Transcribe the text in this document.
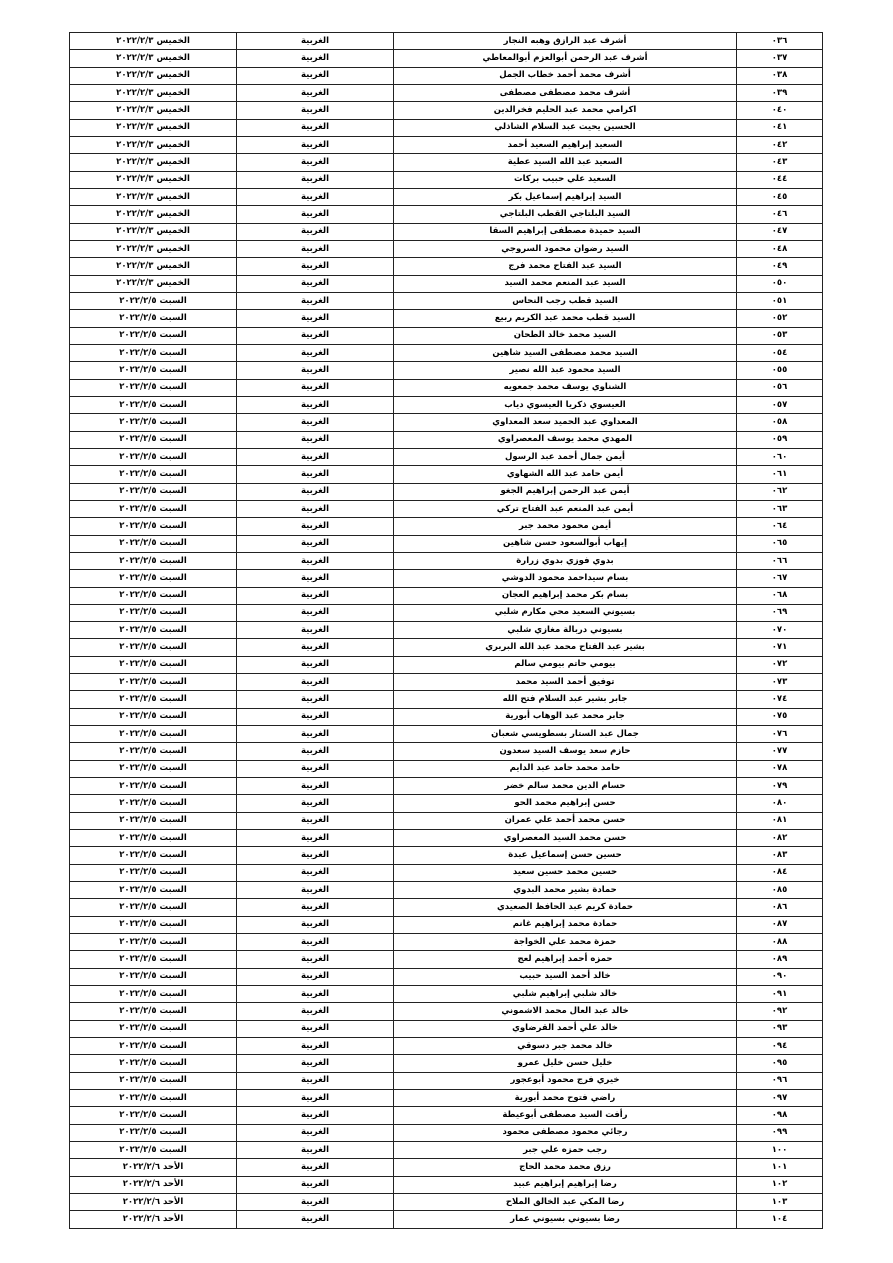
٠٣٦	أشرف عبد الرازق وهبه النجار	الغربية	الخميس ٢٠٢٢/٢/٣
٠٣٧	أشرف عبد الرحمن أبوالعزم أبوالمعاطي	الغربية	الخميس ٢٠٢٢/٢/٣
٠٣٨	أشرف محمد أحمد خطاب الجمل	الغربية	الخميس ٢٠٢٢/٢/٣
٠٣٩	أشرف محمد مصطفى مصطفى	الغربية	الخميس ٢٠٢٢/٢/٣
٠٤٠	اكرامي محمد عبد الحليم فخرالدين	الغربية	الخميس ٢٠٢٢/٢/٣
٠٤١	الحسين يحيت عبد السلام الشاذلي	الغربية	الخميس ٢٠٢٢/٢/٣
٠٤٢	السعيد إبراهيم السعيد أحمد	الغربية	الخميس ٢٠٢٢/٢/٣
٠٤٣	السعيد عبد الله السيد عطية	الغربية	الخميس ٢٠٢٢/٢/٣
٠٤٤	السعيد علي حبيب بركات	الغربية	الخميس ٢٠٢٢/٢/٣
٠٤٥	السيد إبراهيم إسماعيل بكر	الغربية	الخميس ٢٠٢٢/٢/٣
٠٤٦	السيد البلتاجي القطب البلتاجي	الغربية	الخميس ٢٠٢٢/٢/٣
٠٤٧	السيد حميدة مصطفى إبراهيم السقا	الغربية	الخميس ٢٠٢٢/٢/٣
٠٤٨	السيد رضوان محمود السروجي	الغربية	الخميس ٢٠٢٢/٢/٣
٠٤٩	السيد عبد الفتاح محمد فرج	الغربية	الخميس ٢٠٢٢/٢/٣
٠٥٠	السيد عبد المنعم محمد السيد	الغربية	الخميس ٢٠٢٢/٢/٣
٠٥١	السيد قطب رجب النحاس	الغربية	السبت ٢٠٢٢/٢/٥
٠٥٢	السيد قطب محمد عبد الكريم ربيع	الغربية	السبت ٢٠٢٢/٢/٥
٠٥٣	السيد محمد خالد الطحان	الغربية	السبت ٢٠٢٢/٢/٥
٠٥٤	السيد محمد مصطفى السيد شاهين	الغربية	السبت ٢٠٢٢/٢/٥
٠٥٥	السيد محمود عبد الله نصير	الغربية	السبت ٢٠٢٢/٢/٥
٠٥٦	الشناوي يوسف محمد جمعويه	الغربية	السبت ٢٠٢٢/٢/٥
٠٥٧	العيسوي ذكريا العيسوي دياب	الغربية	السبت ٢٠٢٢/٢/٥
٠٥٨	المعداوي عبد الحميد سعد المعداوي	الغربية	السبت ٢٠٢٢/٢/٥
٠٥٩	المهدي محمد يوسف المعصراوي	الغربية	السبت ٢٠٢٢/٢/٥
٠٦٠	أيمن جمال أحمد عبد الرسول	الغربية	السبت ٢٠٢٢/٢/٥
٠٦١	أيمن حامد عبد الله الشهاوي	الغربية	السبت ٢٠٢٢/٢/٥
٠٦٢	أيمن عبد الرحمن إبراهيم الجغو	الغربية	السبت ٢٠٢٢/٢/٥
٠٦٣	أيمن عبد المنعم عبد الفتاح تركي	الغربية	السبت ٢٠٢٢/٢/٥
٠٦٤	أيمن محمود محمد جبر	الغربية	السبت ٢٠٢٢/٢/٥
٠٦٥	إيهاب أبوالسعود حسن شاهين	الغربية	السبت ٢٠٢٢/٢/٥
٠٦٦	بدوي فوزي بدوي زرارة	الغربية	السبت ٢٠٢٢/٢/٥
٠٦٧	بسام سيداحمد محمود الدوشي	الغربية	السبت ٢٠٢٢/٢/٥
٠٦٨	بسام بكر محمد إبراهيم العجان	الغربية	السبت ٢٠٢٢/٢/٥
٠٦٩	بسيوني السعيد محي مكارم شلبي	الغربية	السبت ٢٠٢٢/٢/٥
٠٧٠	بسيوني دربالة مغازي شلبي	الغربية	السبت ٢٠٢٢/٢/٥
٠٧١	بشير عبد الفتاح محمد عبد الله البربري	الغربية	السبت ٢٠٢٢/٢/٥
٠٧٢	بيومي حاتم بيومي سالم	الغربية	السبت ٢٠٢٢/٢/٥
٠٧٣	توفيق أحمد السيد محمد	الغربية	السبت ٢٠٢٢/٢/٥
٠٧٤	جابر بشير عبد السلام فتح الله	الغربية	السبت ٢٠٢٢/٢/٥
٠٧٥	جابر محمد عبد الوهاب أبورية	الغربية	السبت ٢٠٢٢/٢/٥
٠٧٦	جمال عبد الستار بسطويسي شعبان	الغربية	السبت ٢٠٢٢/٢/٥
٠٧٧	حازم سعد يوسف السيد سعدون	الغربية	السبت ٢٠٢٢/٢/٥
٠٧٨	حامد محمد حامد عبد الدايم	الغربية	السبت ٢٠٢٢/٢/٥
٠٧٩	حسام الدين محمد سالم خضر	الغربية	السبت ٢٠٢٢/٢/٥
٠٨٠	حسن إبراهيم محمد الحو	الغربية	السبت ٢٠٢٢/٢/٥
٠٨١	حسن محمد أحمد علي عمران	الغربية	السبت ٢٠٢٢/٢/٥
٠٨٢	حسن محمد السيد المعصراوي	الغربية	السبت ٢٠٢٢/٢/٥
٠٨٣	حسين حسن إسماعيل عبدة	الغربية	السبت ٢٠٢٢/٢/٥
٠٨٤	حسين محمد حسين سعيد	الغربية	السبت ٢٠٢٢/٢/٥
٠٨٥	حمادة بشير محمد البدوي	الغربية	السبت ٢٠٢٢/٢/٥
٠٨٦	حمادة كريم عبد الحافظ الصعيدي	الغربية	السبت ٢٠٢٢/٢/٥
٠٨٧	حمادة محمد إبراهيم غانم	الغربية	السبت ٢٠٢٢/٢/٥
٠٨٨	حمزة محمد علي الخواجة	الغربية	السبت ٢٠٢٢/٢/٥
٠٨٩	حمزه أحمد إبراهيم لعج	الغربية	السبت ٢٠٢٢/٢/٥
٠٩٠	خالد أحمد السيد حبيب	الغربية	السبت ٢٠٢٢/٢/٥
٠٩١	خالد شلبي إبراهيم شلبي	الغربية	السبت ٢٠٢٢/٢/٥
٠٩٢	خالد عبد العال محمد الاشموني	الغربية	السبت ٢٠٢٢/٢/٥
٠٩٣	خالد علي أحمد القرضاوي	الغربية	السبت ٢٠٢٢/٢/٥
٠٩٤	خالد محمد جبر دسوقي	الغربية	السبت ٢٠٢٢/٢/٥
٠٩٥	خليل حسن خليل عمرو	الغربية	السبت ٢٠٢٢/٢/٥
٠٩٦	خيري فرج محمود أبوعجور	الغربية	السبت ٢٠٢٢/٢/٥
٠٩٧	راضي فتوح محمد أبورية	الغربية	السبت ٢٠٢٢/٢/٥
٠٩٨	رأفت السيد مصطفى أبوعيطة	الغربية	السبت ٢٠٢٢/٢/٥
٠٩٩	رجائي محمود مصطفى محمود	الغربية	السبت ٢٠٢٢/٢/٥
١٠٠	رجب حمزه علي جبر	الغربية	السبت ٢٠٢٢/٢/٥
١٠١	رزق محمد محمد الحاج	الغربية	الأحد ٢٠٢٢/٢/٦
١٠٢	رضا إبراهيم إبراهيم عبيد	الغربية	الأحد ٢٠٢٢/٢/٦
١٠٣	رضا المكي عبد الخالق الملاح	الغربية	الأحد ٢٠٢٢/٢/٦
١٠٤	رضا بسيوني بسيوني عمار	الغربية	الأحد ٢٠٢٢/٢/٦
